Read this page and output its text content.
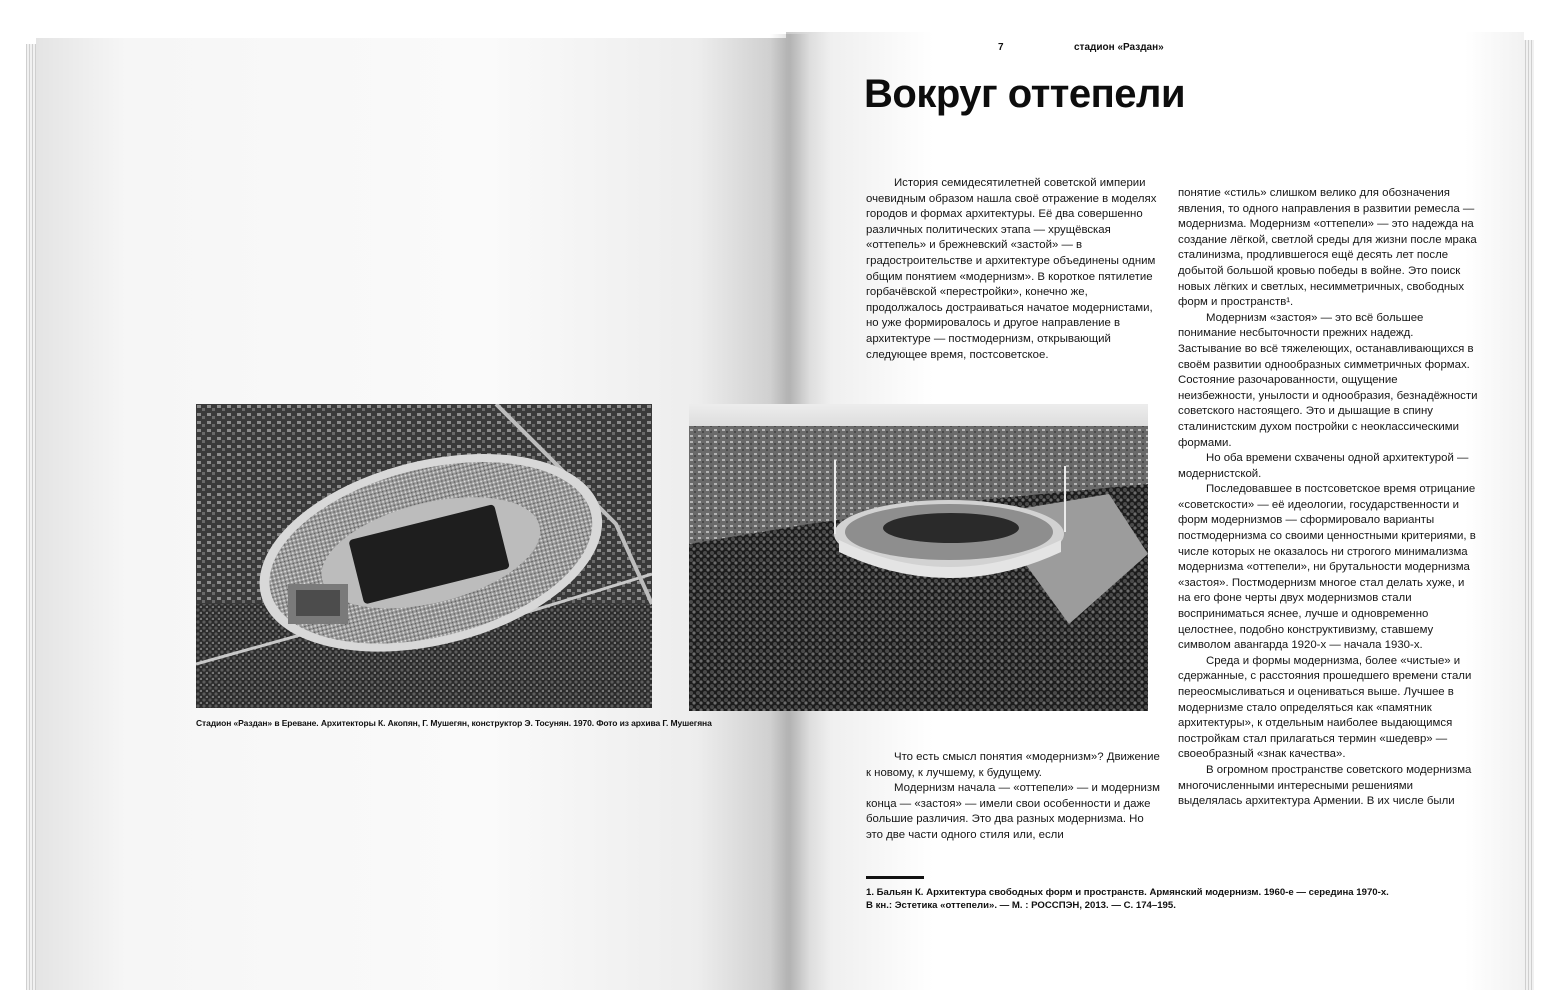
Стадион «Раздан» в Ереване. Архитекторы К. Акопян, Г. Мушегян, конструктор Э. Тосунян. 1970. Фото из архива Г. Мушегяна
7	стадион «Раздан»
Вокруг оттепели

История семидесятилетней советской империи очевидным образом нашла своё отражение в моделях городов и формах архитектуры. Её два совершенно различных политических этапа — хрущёвская «оттепель» и брежневский «застой» — в градостроительстве и архитектуре объединены одним общим понятием «модернизм». В короткое пятилетие горбачёвской «перестройки», конечно же, продолжалось достраиваться начатое модернистами, но уже формировалось и другое направление в архитектуре — постмодернизм, открывающий следующее время, постсоветское.

понятие «стиль» слишком велико для обозначения явления, то одного направления в развитии ремесла — модернизма. Модернизм «оттепели» — это надежда на создание лёгкой, светлой среды для жизни после мрака сталинизма, продлившегося ещё десять лет после добытой большой кровью победы в войне. Это поиск новых лёгких и светлых, несимметричных, свободных форм и пространств¹.

Модернизм «застоя» — это всё большее понимание несбыточности прежних надежд. Застывание во всё тяжелеющих, останавливающихся в своём развитии однообразных симметричных формах. Состояние разочарованности, ощущение неизбежности, унылости и однообразия, безнадёжности советского настоящего. Это и дышащие в спину сталинистским духом постройки с неоклассическими формами.

Но оба времени схвачены одной архитектурой — модернистской.

Последовавшее в постсоветское время отрицание «советскости» — её идеологии, государственности и форм модернизмов — сформировало варианты постмодернизма со своими ценностными критериями, в числе которых не оказалось ни строгого минимализма модернизма «оттепели», ни брутальности модернизма «застоя». Постмодернизм многое стал делать хуже, и на его фоне черты двух модернизмов стали восприниматься яснее, лучше и одновременно целостнее, подобно конструктивизму, ставшему символом авангарда 1920-х — начала 1930-х.

Среда и формы модернизма, более «чистые» и сдержанные, с расстояния прошедшего времени стали переосмысливаться и оцениваться выше. Лучшее в модернизме стало определяться как «памятник архитектуры», к отдельным наиболее выдающимся постройкам стал прилагаться термин «шедевр» — своеобразный «знак качества».

В огромном пространстве советского модернизма многочисленными интересными решениями выделялась архитектура Армении. В их числе были

Что есть смысл понятия «модернизм»? Движение к новому, к лучшему, к будущему.

Модернизм начала — «оттепели» — и модернизм конца — «застоя» — имели свои особенности и даже большие различия. Это два разных модернизма. Но это две части одного стиля или, если

1. Бальян К. Архитектура свободных форм и пространств. Армянский модернизм. 1960-е — середина 1970-х.
В кн.: Эстетика «оттепели». — М. : РОССПЭН, 2013. — С. 174–195.
